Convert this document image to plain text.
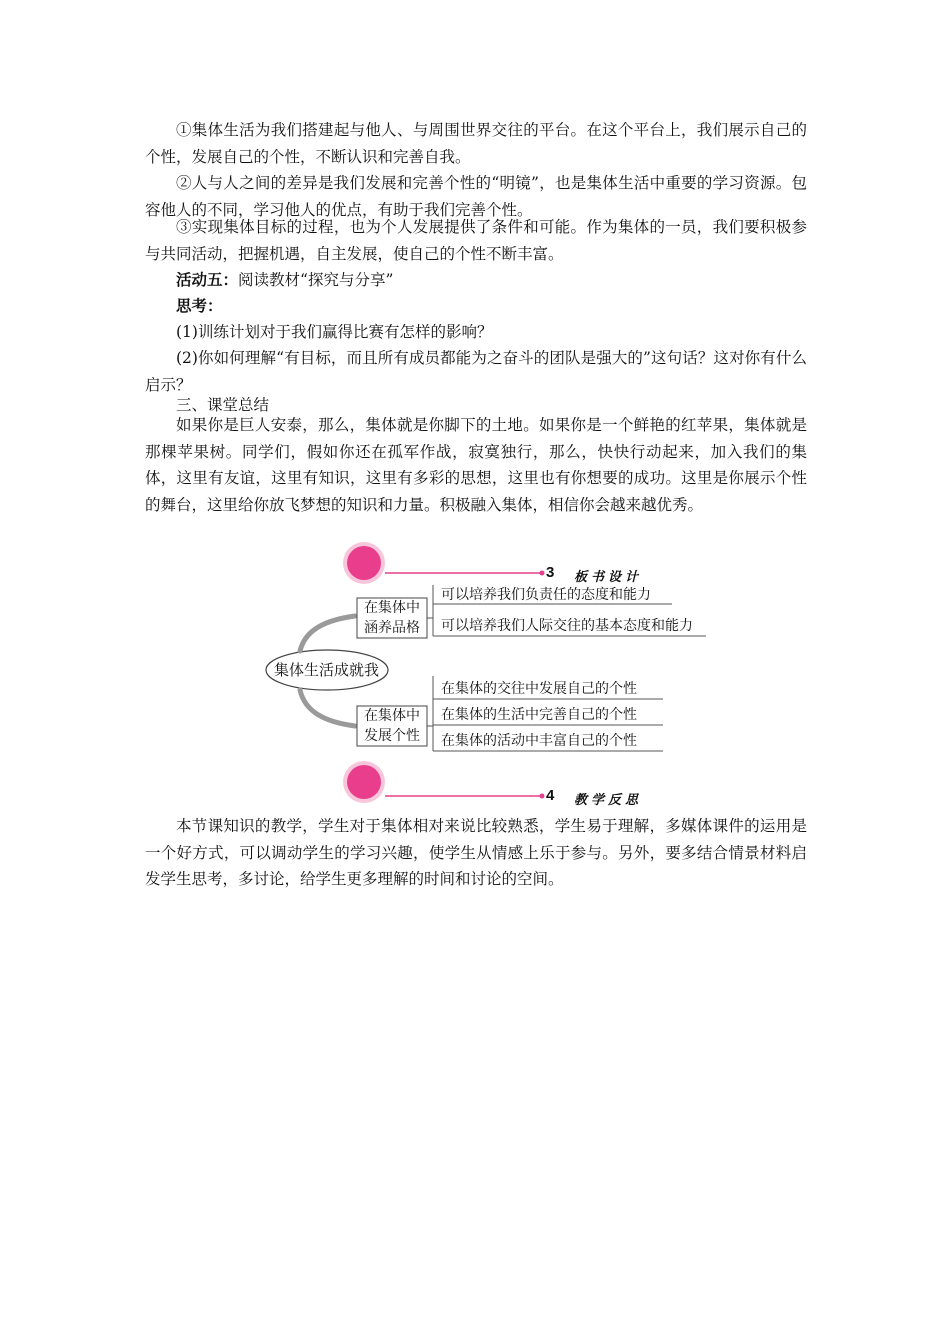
①集体生活为我们搭建起与他人、与周围世界交往的平台。在这个平台上，我们展示自己的个性，发展自己的个性，不断认识和完善自我。

②人与人之间的差异是我们发展和完善个性的“明镜”，也是集体生活中重要的学习资源。包容他人的不同，学习他人的优点，有助于我们完善个性。

③实现集体目标的过程，也为个人发展提供了条件和可能。作为集体的一员，我们要积极参与共同活动，把握机遇，自主发展，使自己的个性不断丰富。

活动五：阅读教材“探究与分享”

思考：

(1)训练计划对于我们赢得比赛有怎样的影响？

(2)你如何理解“有目标，而且所有成员都能为之奋斗的团队是强大的”这句话？这对你有什么启示？

三、课堂总结

如果你是巨人安泰，那么，集体就是你脚下的土地。如果你是一个鲜艳的红苹果，集体就是那棵苹果树。同学们，假如你还在孤军作战，寂寞独行，那么，快快行动起来，加入我们的集体，这里有友谊，这里有知识，这里有多彩的思想，这里也有你想要的成功。这里是你展示个性的舞台，这里给你放飞梦想的知识和力量。积极融入集体，相信你会越来越优秀。

3 板书设计
集体生活成就我
在集体中
涵养品格
可以培养我们负责任的态度和能力
可以培养我们人际交往的基本态度和能力
在集体中
发展个性
在集体的交往中发展自己的个性
在集体的生活中完善自己的个性
在集体的活动中丰富自己的个性
4 教学反思

本节课知识的教学，学生对于集体相对来说比较熟悉，学生易于理解，多媒体课件的运用是一个好方式，可以调动学生的学习兴趣，使学生从情感上乐于参与。另外，要多结合情景材料启发学生思考，多讨论，给学生更多理解的时间和讨论的空间。
